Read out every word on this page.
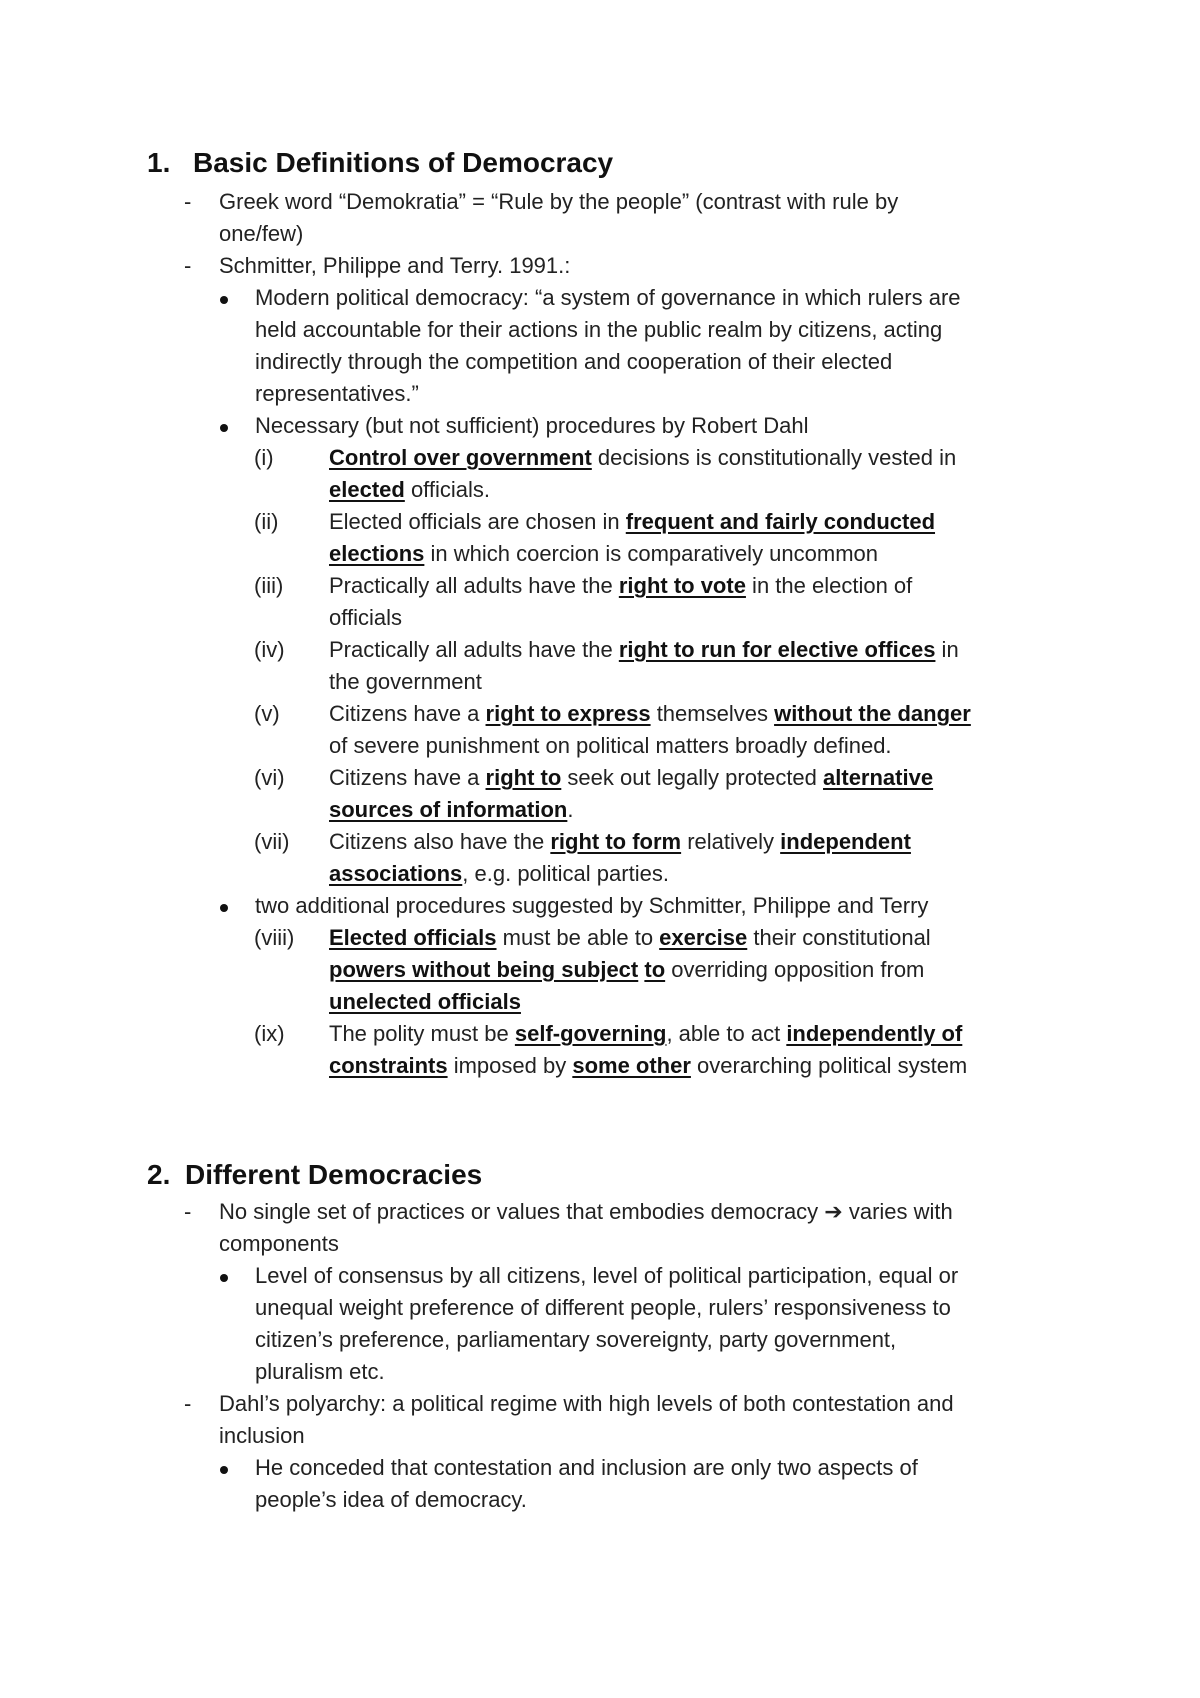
1. Basic Definitions of Democracy
- Greek word “Demokratia” = “Rule by the people” (contrast with rule by

one/few)

- Schmitter, Philippe and Terry. 1991.:

Modern political democracy: “a system of governance in which rulers are

held accountable for their actions in the public realm by citizens, acting

indirectly through the competition and cooperation of their elected

representatives.”

Necessary (but not sufficient) procedures by Robert Dahl

(i)	Control over government decisions is constitutionally vested in

elected officials.

(ii) Elected officials are chosen in frequent and fairly conducted

elections in which coercion is comparatively uncommon

(iii) Practically all adults have the right to vote in the election of

officials

(iv) Practically all adults have the right to run for elective offices in

the government

(v) Citizens have a right to express themselves without the danger

of severe punishment on political matters broadly defined.

(vi) Citizens have a right to seek out legally protected alternative

sources of information.

(vii) Citizens also have the right to form relatively independent

associations, e.g. political parties.

two additional procedures suggested by Schmitter, Philippe and Terry

(viii) Elected officials must be able to exercise their constitutional

powers without being subject to overriding opposition from

unelected officials

(ix) The polity must be self-governing, able to act independently of

constraints imposed by some other overarching political system

2. Different Democracies
- No single set of practices or values that embodies democracy ➔ varies with

components

Level of consensus by all citizens, level of political participation, equal or

unequal weight preference of different people, rulers’ responsiveness to

citizen’s preference, parliamentary sovereignty, party government,

pluralism etc.

- Dahl’s polyarchy: a political regime with high levels of both contestation and

inclusion

He conceded that contestation and inclusion are only two aspects of

people’s idea of democracy.
